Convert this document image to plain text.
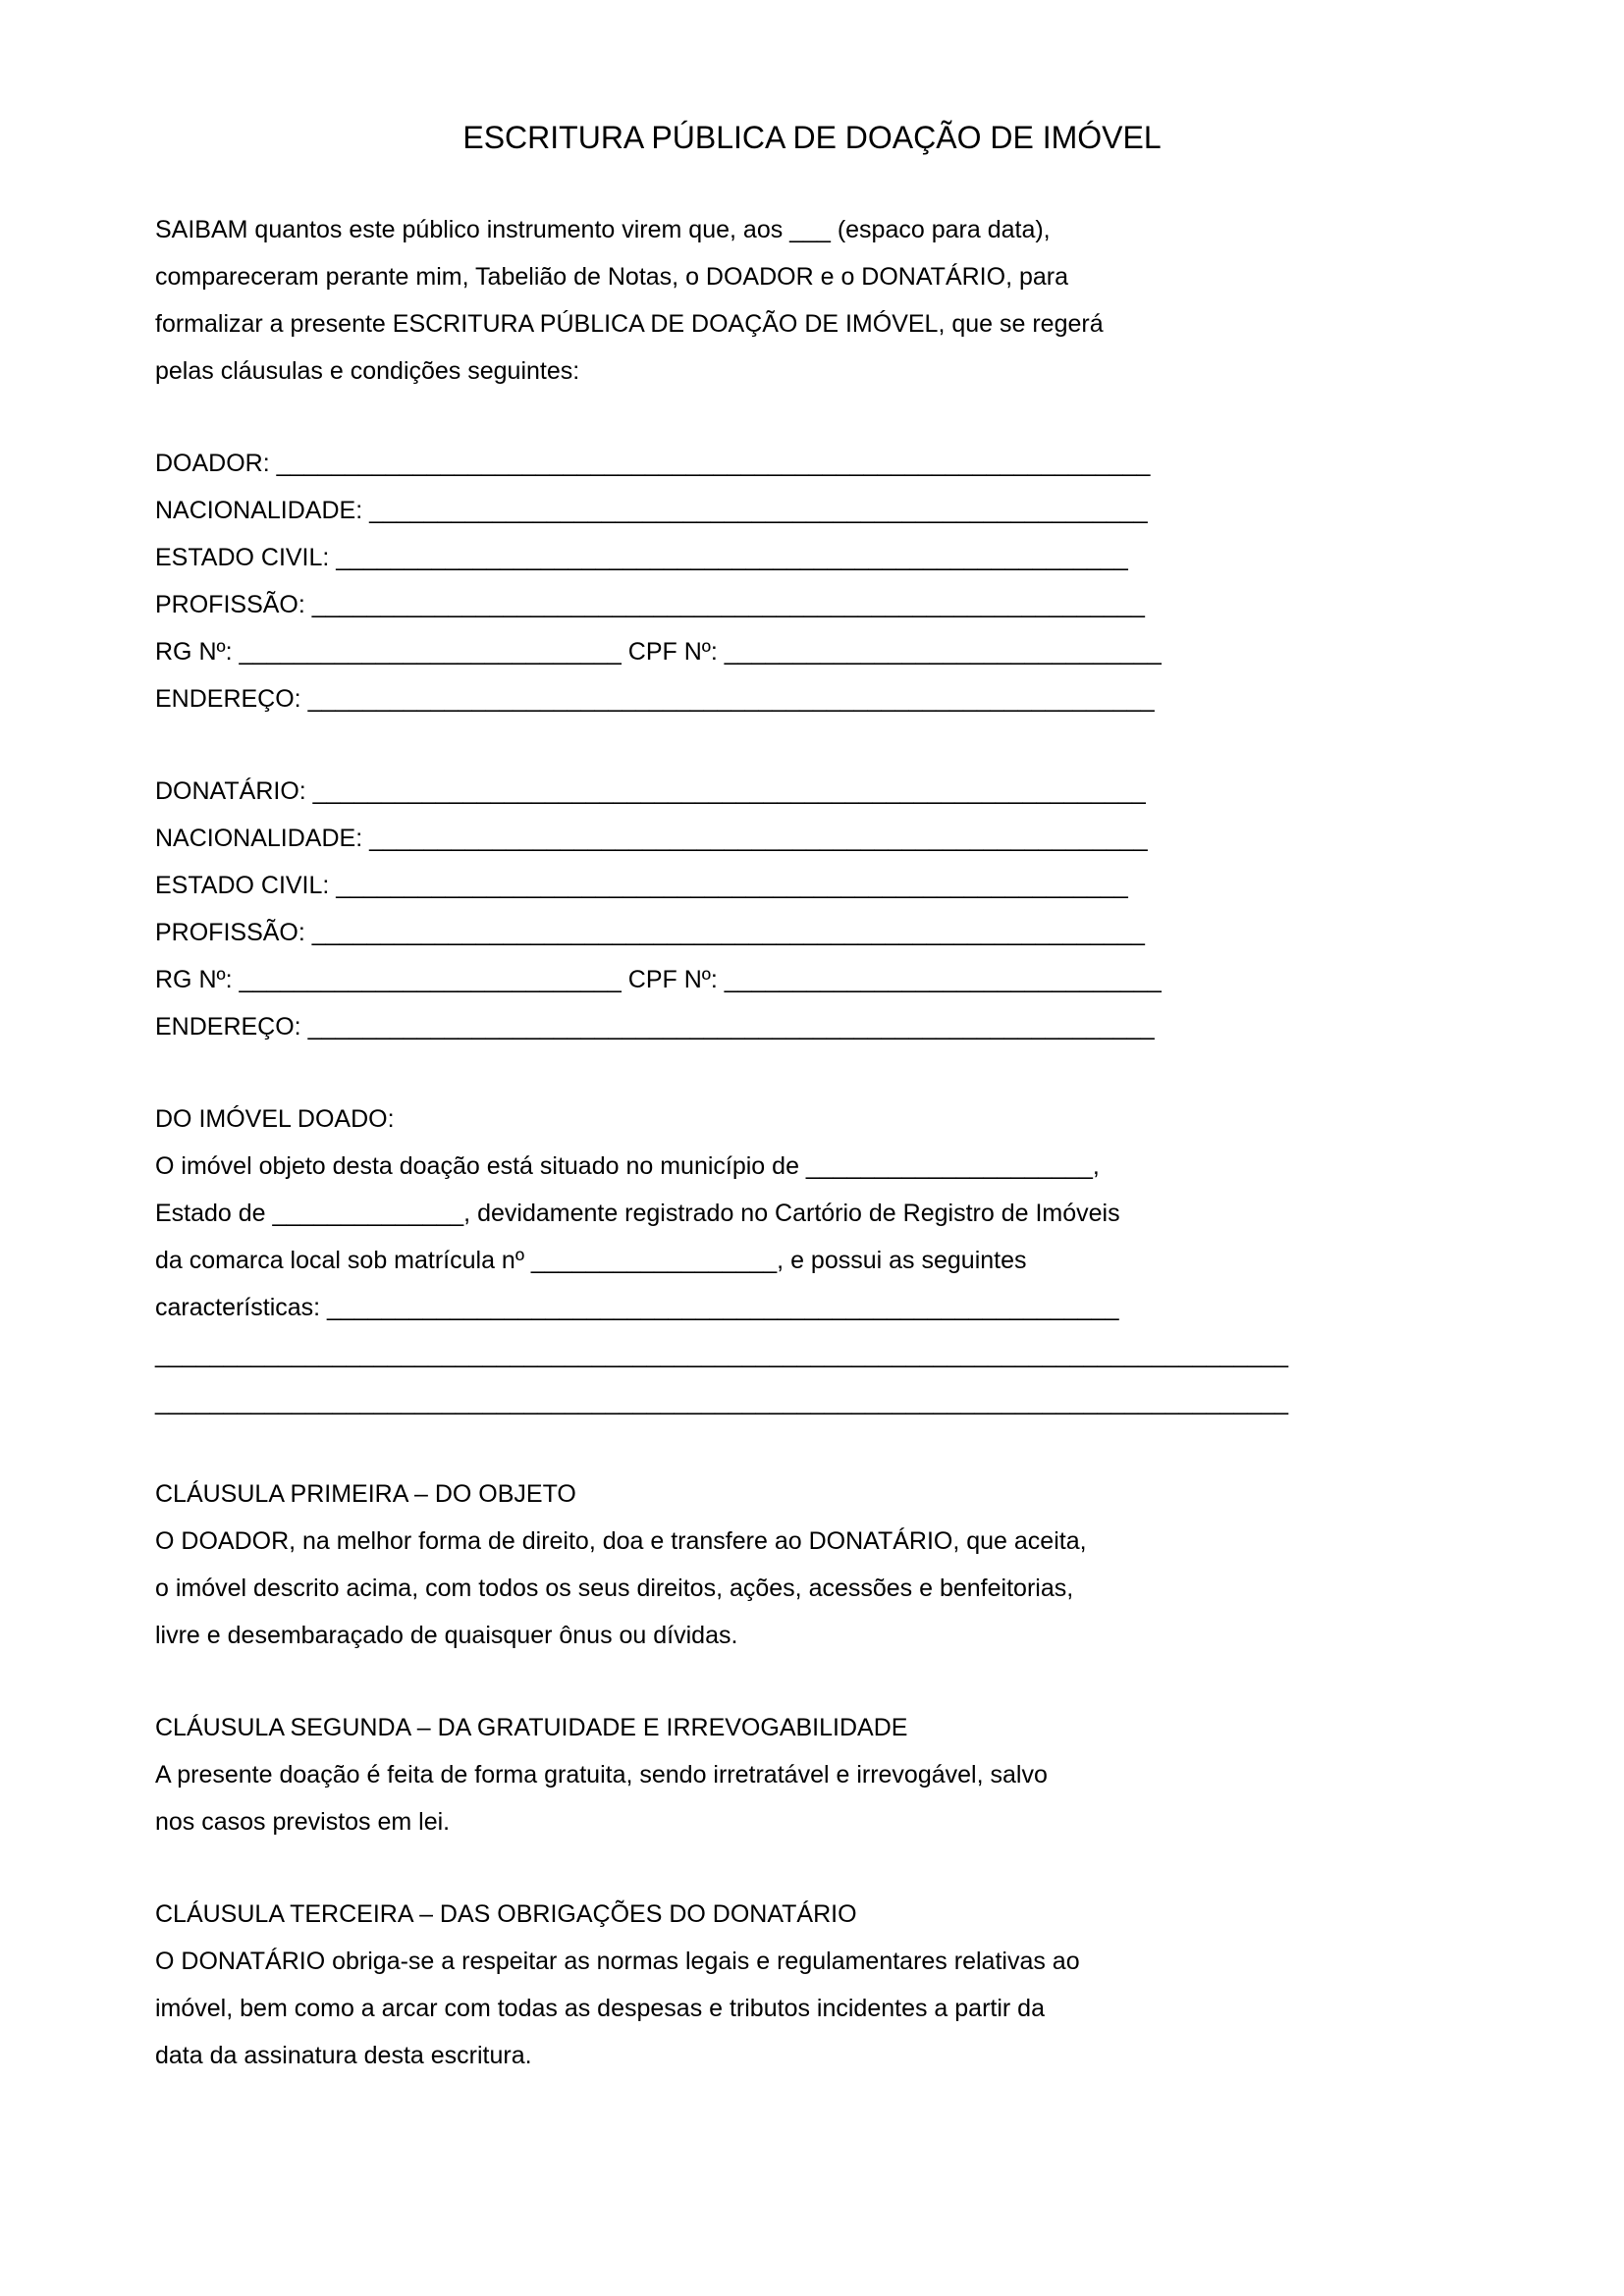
ESCRITURA PÚBLICA DE DOAÇÃO DE IMÓVEL
SAIBAM quantos este público instrumento virem que, aos ___ (espaco para data),
compareceram perante mim, Tabelião de Notas, o DOADOR e o DONATÁRIO, para
formalizar a presente ESCRITURA PÚBLICA DE DOAÇÃO DE IMÓVEL, que se regerá
pelas cláusulas e condições seguintes:
DOADOR: ________________________________________________________________
NACIONALIDADE: _________________________________________________________
ESTADO CIVIL: __________________________________________________________
PROFISSÃO: _____________________________________________________________
RG Nº: ____________________________ CPF Nº: ________________________________
ENDEREÇO: ______________________________________________________________
DONATÁRIO: _____________________________________________________________
NACIONALIDADE: _________________________________________________________
ESTADO CIVIL: __________________________________________________________
PROFISSÃO: _____________________________________________________________
RG Nº: ____________________________ CPF Nº: ________________________________
ENDEREÇO: ______________________________________________________________
DO IMÓVEL DOADO:
O imóvel objeto desta doação está situado no município de _____________________,
Estado de ______________, devidamente registrado no Cartório de Registro de Imóveis
da comarca local sob matrícula nº __________________, e possui as seguintes
características: __________________________________________________________
___________________________________________________________________________________
___________________________________________________________________________________
CLÁUSULA PRIMEIRA – DO OBJETO
O DOADOR, na melhor forma de direito, doa e transfere ao DONATÁRIO, que aceita,
o imóvel descrito acima, com todos os seus direitos, ações, acessões e benfeitorias,
livre e desembaraçado de quaisquer ônus ou dívidas.
CLÁUSULA SEGUNDA – DA GRATUIDADE E IRREVOGABILIDADE
A presente doação é feita de forma gratuita, sendo irretratável e irrevogável, salvo
nos casos previstos em lei.
CLÁUSULA TERCEIRA – DAS OBRIGAÇÕES DO DONATÁRIO
O DONATÁRIO obriga-se a respeitar as normas legais e regulamentares relativas ao
imóvel, bem como a arcar com todas as despesas e tributos incidentes a partir da
data da assinatura desta escritura.
